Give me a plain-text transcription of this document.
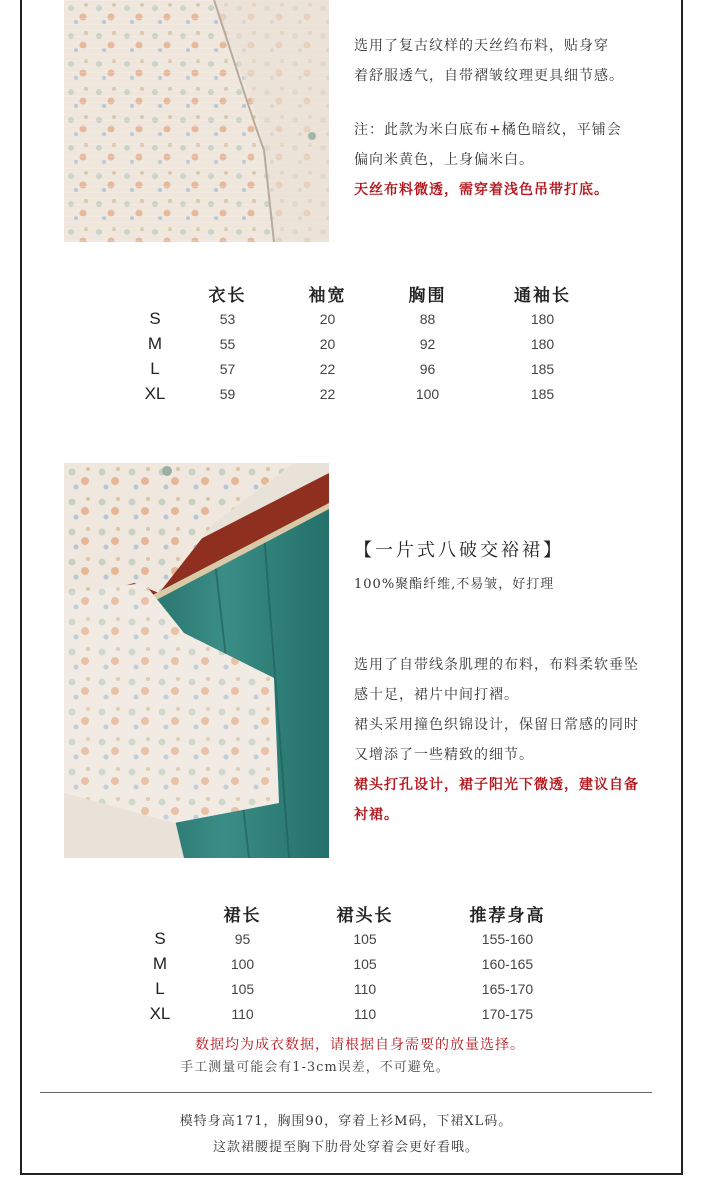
选用了复古纹样的天丝绉布料，贴身穿

着舒服透气，自带褶皱纹理更具细节感。

注：此款为米白底布+橘色暗纹，平铺会

偏向米黄色，上身偏米白。

天丝布料微透，需穿着浅色吊带打底。

	衣长	袖宽	胸围	通袖长
S	53	20	88	180
M	55	20	92	180
L	57	22	96	185
XL	59	22	100	185
【一片式八破交裕裙】

100%聚酯纤维,不易皱，好打理

选用了自带线条肌理的布料，布料柔软垂坠

感十足，裙片中间打褶。

裙头采用撞色织锦设计，保留日常感的同时

又增添了一些精致的细节。

裙头打孔设计，裙子阳光下微透，建议自备

衬裙。

	裙长	裙头长	推荐身高
S	95	105	155-160
M	100	105	160-165
L	105	110	165-170
XL	110	110	170-175
数据均为成衣数据，请根据自身需要的放量选择。
手工测量可能会有1-3cm误差，不可避免。
模特身高171，胸围90，穿着上衫M码，下裙XL码。
这款裙腰提至胸下肋骨处穿着会更好看哦。
